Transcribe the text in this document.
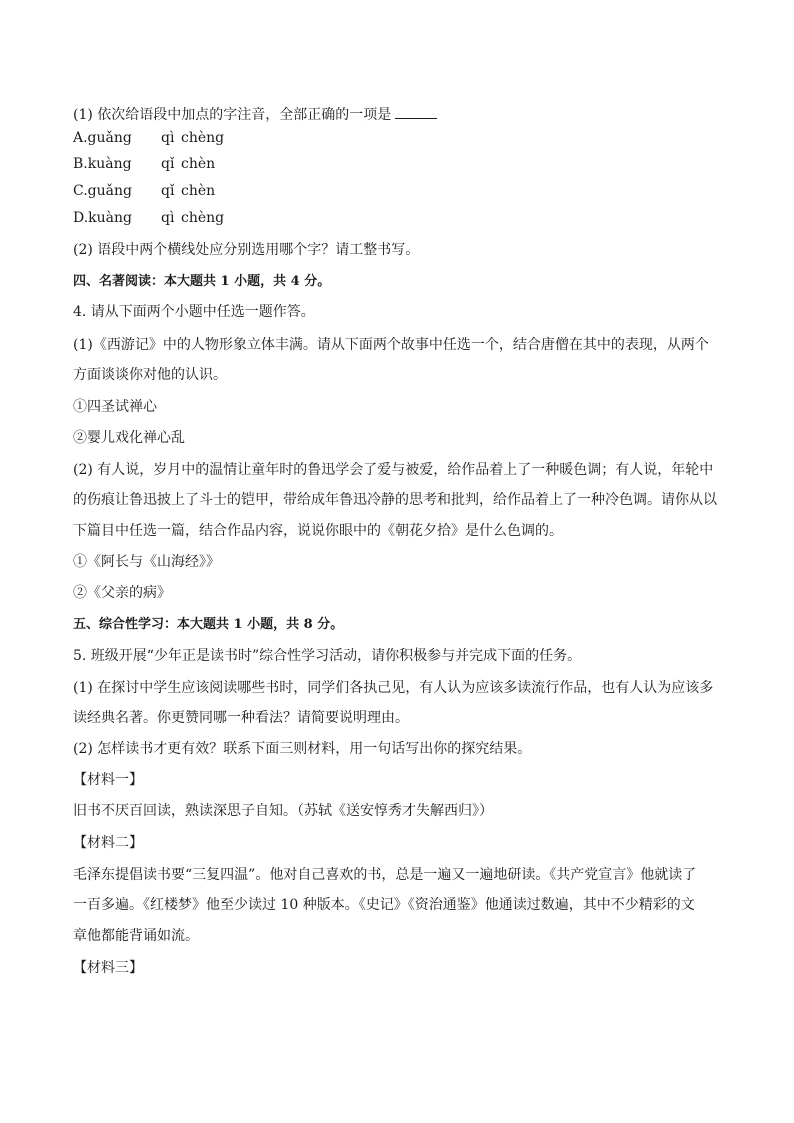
(1) 依次给语段中加点的字注音，全部正确的一项是
A.guǎng qì chèng
B.kuàng qǐ chèn
C.guǎng qǐ chèn
D.kuàng qì chèng
(2) 语段中两个横线处应分别选用哪个字？请工整书写。
四、名著阅读：本大题共 1 小题，共 4 分。
4. 请从下面两个小题中任选一题作答。
(1)《西游记》中的人物形象立体丰满。请从下面两个故事中任选一个，结合唐僧在其中的表现，从两个
方面谈谈你对他的认识。
①四圣试禅心
②婴儿戏化禅心乱
(2) 有人说，岁月中的温情让童年时的鲁迅学会了爱与被爱，给作品着上了一种暖色调；有人说，年轮中
的伤痕让鲁迅披上了斗士的铠甲，带给成年鲁迅冷静的思考和批判，给作品着上了一种冷色调。请你从以
下篇目中任选一篇，结合作品内容，说说你眼中的《朝花夕拾》是什么色调的。
①《阿长与《山海经》》
②《父亲的病》
五、综合性学习：本大题共 1 小题，共 8 分。
5. 班级开展“少年正是读书时”综合性学习活动，请你积极参与并完成下面的任务。
(1) 在探讨中学生应该阅读哪些书时，同学们各执己见，有人认为应该多读流行作品，也有人认为应该多
读经典名著。你更赞同哪一种看法？请简要说明理由。
(2) 怎样读书才更有效？联系下面三则材料，用一句话写出你的探究结果。
【材料一】
旧书不厌百回读，熟读深思子自知。（苏轼《送安惇秀才失解西归》）
【材料二】
毛泽东提倡读书要“三复四温”。他对自己喜欢的书，总是一遍又一遍地研读。《共产党宣言》他就读了
一百多遍。《红楼梦》他至少读过 10 种版本。《史记》《资治通鉴》他通读过数遍，其中不少精彩的文
章他都能背诵如流。
【材料三】
